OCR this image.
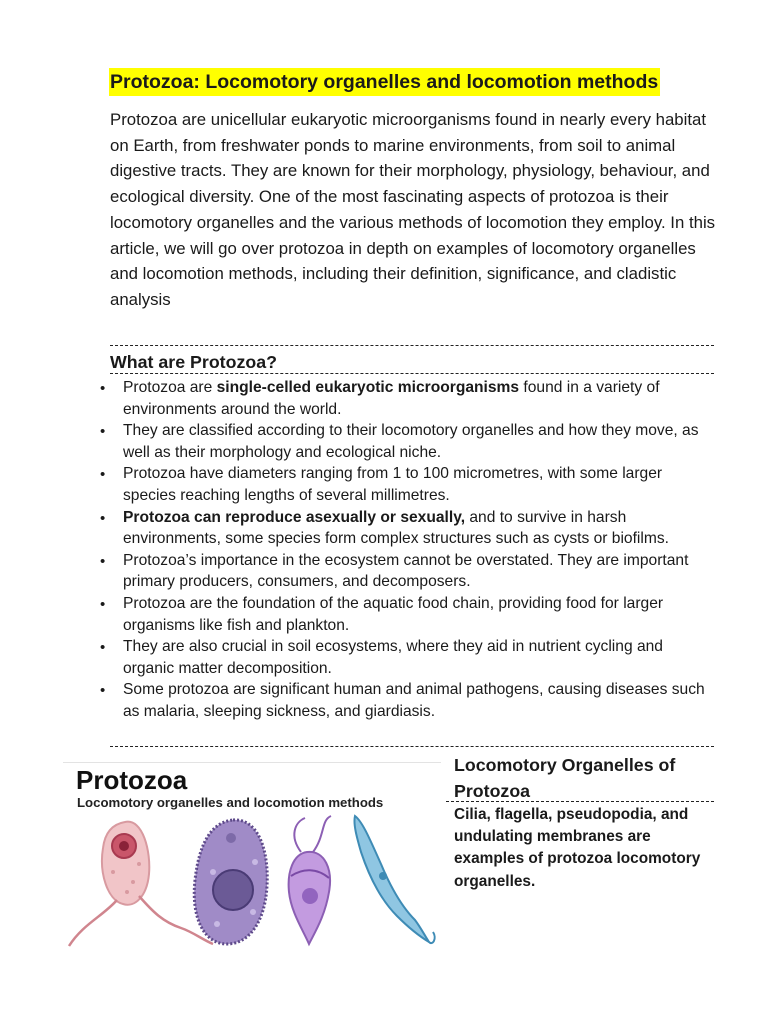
Protozoa: Locomotory organelles and locomotion methods
Protozoa are unicellular eukaryotic microorganisms found in nearly every habitat on Earth, from freshwater ponds to marine environments, from soil to animal digestive tracts. They are known for their morphology, physiology, behaviour, and ecological diversity. One of the most fascinating aspects of protozoa is their locomotory organelles and the various methods of locomotion they employ. In this article, we will go over protozoa in depth on examples of locomotory organelles and locomotion methods, including their definition, significance, and cladistic analysis
What are Protozoa?
• Protozoa are single-celled eukaryotic microorganisms found in a variety of environments around the world.
• They are classified according to their locomotory organelles and how they move, as well as their morphology and ecological niche.
• Protozoa have diameters ranging from 1 to 100 micrometres, with some larger species reaching lengths of several millimetres.
• Protozoa can reproduce asexually or sexually, and to survive in harsh environments, some species form complex structures such as cysts or biofilms.
• Protozoa’s importance in the ecosystem cannot be overstated. They are important primary producers, consumers, and decomposers.
• Protozoa are the foundation of the aquatic food chain, providing food for larger organisms like fish and plankton.
• They are also crucial in soil ecosystems, where they aid in nutrient cycling and organic matter decomposition.
• Some protozoa are significant human and animal pathogens, causing diseases such as malaria, sleeping sickness, and giardiasis.
Protozoa
Locomotory organelles and locomotion methods
Locomotory Organelles of Protozoa
Cilia, flagella, pseudopodia, and undulating membranes are examples of protozoa locomotory organelles.
